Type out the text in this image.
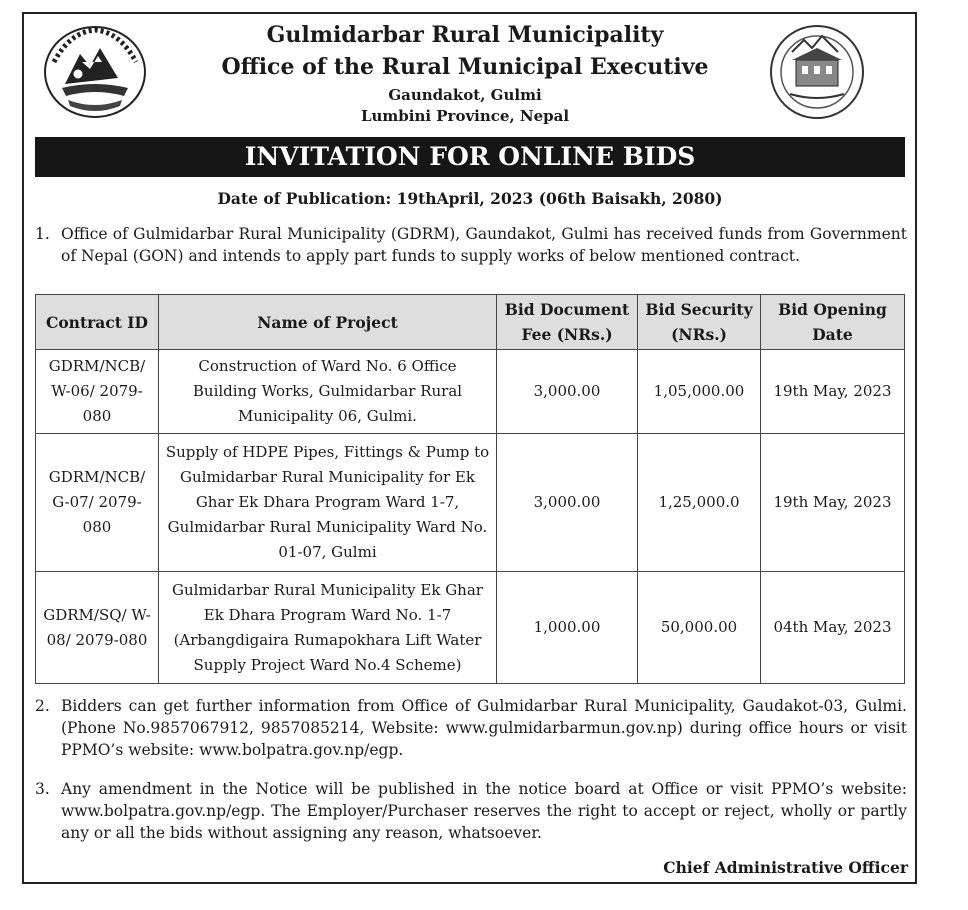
Gulmidarbar Rural Municipality
Office of the Rural Municipal Executive
Gaundakot, Gulmi
Lumbini Province, Nepal
INVITATION FOR ONLINE BIDS
Date of Publication: 19thApril, 2023 (06th Baisakh, 2080)
1. Office of Gulmidarbar Rural Municipality (GDRM), Gaundakot, Gulmi has received funds from Government of Nepal (GON) and intends to apply part funds to supply works of below mentioned contract.
Contract ID	Name of Project	Bid Document Fee (NRs.)	Bid Security (NRs.)	Bid Opening Date
GDRM/NCB/ W-06/ 2079-080	Construction of Ward No. 6 Office Building Works, Gulmidarbar Rural Municipality 06, Gulmi.	3,000.00	1,05,000.00	19th May, 2023
GDRM/NCB/ G-07/ 2079-080	Supply of HDPE Pipes, Fittings & Pump to Gulmidarbar Rural Municipality for Ek Ghar Ek Dhara Program Ward 1-7, Gulmidarbar Rural Municipality Ward No. 01-07, Gulmi	3,000.00	1,25,000.0	19th May, 2023
GDRM/SQ/ W-08/ 2079-080	Gulmidarbar Rural Municipality Ek Ghar Ek Dhara Program Ward No. 1-7 (Arbangdigaira Rumapokhara Lift Water Supply Project Ward No.4 Scheme)	1,000.00	50,000.00	04th May, 2023
2. Bidders can get further information from Office of Gulmidarbar Rural Municipality, Gaudakot-03, Gulmi. (Phone No.9857067912, 9857085214, Website: www.gulmidarbarmun.gov.np) during office hours or visit PPMO’s website: www.bolpatra.gov.np/egp.
3. Any amendment in the Notice will be published in the notice board at Office or visit PPMO’s website: www.bolpatra.gov.np/egp. The Employer/Purchaser reserves the right to accept or reject, wholly or partly any or all the bids without assigning any reason, whatsoever.
Chief Administrative Officer
